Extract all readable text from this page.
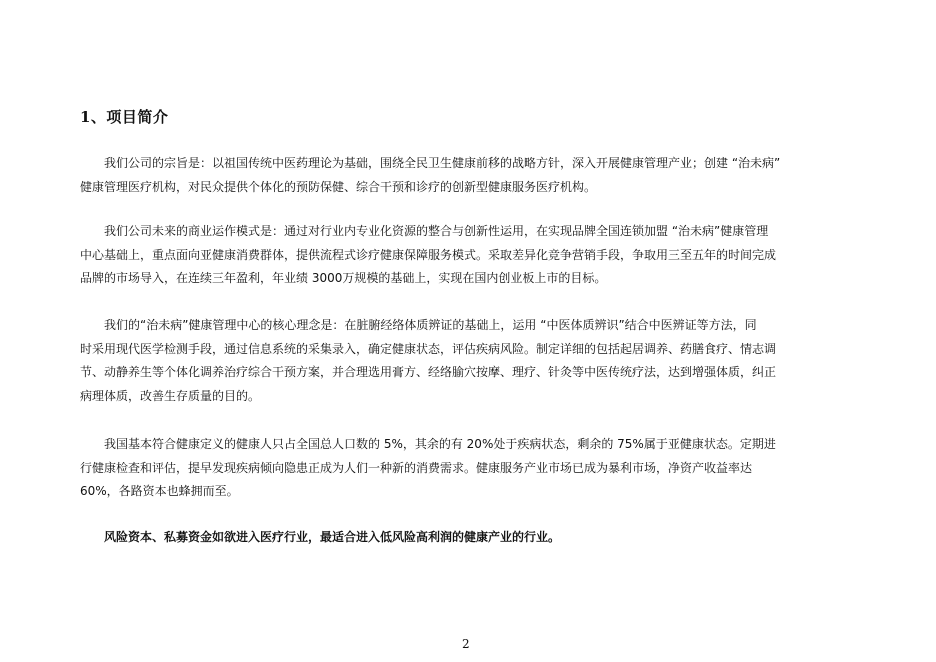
1、项目简介
我们公司的宗旨是：以祖国传统中医药理论为基础，围绕全民卫生健康前移的战略方针，深入开展健康管理产业；创建 “治未病”
健康管理医疗机构，对民众提供个体化的预防保健、综合干预和诊疗的创新型健康服务医疗机构。
我们公司未来的商业运作模式是：通过对行业内专业化资源的整合与创新性运用，在实现品牌全国连锁加盟 “治未病”健康管理
中心基础上，重点面向亚健康消费群体，提供流程式诊疗健康保障服务模式。采取差异化竞争营销手段，争取用三至五年的时间完成
品牌的市场导入，在连续三年盈利，年业绩 3000万规模的基础上，实现在国内创业板上市的目标。
我们的“治未病”健康管理中心的核心理念是：在脏腑经络体质辨证的基础上，运用 “中医体质辨识”结合中医辨证等方法，同
时采用现代医学检测手段，通过信息系统的采集录入，确定健康状态，评估疾病风险。制定详细的包括起居调养、药膳食疗、情志调
节、动静养生等个体化调养治疗综合干预方案，并合理选用膏方、经络腧穴按摩、理疗、针灸等中医传统疗法，达到增强体质，纠正
病理体质，改善生存质量的目的。
我国基本符合健康定义的健康人只占全国总人口数的 5%，其余的有 20%处于疾病状态，剩余的 75%属于亚健康状态。定期进
行健康检查和评估，提早发现疾病倾向隐患正成为人们一种新的消费需求。健康服务产业市场已成为暴利市场，净资产收益率达
60%，各路资本也蜂拥而至。
风险资本、私募资金如欲进入医疗行业，最适合进入低风险高利润的健康产业的行业。
2
